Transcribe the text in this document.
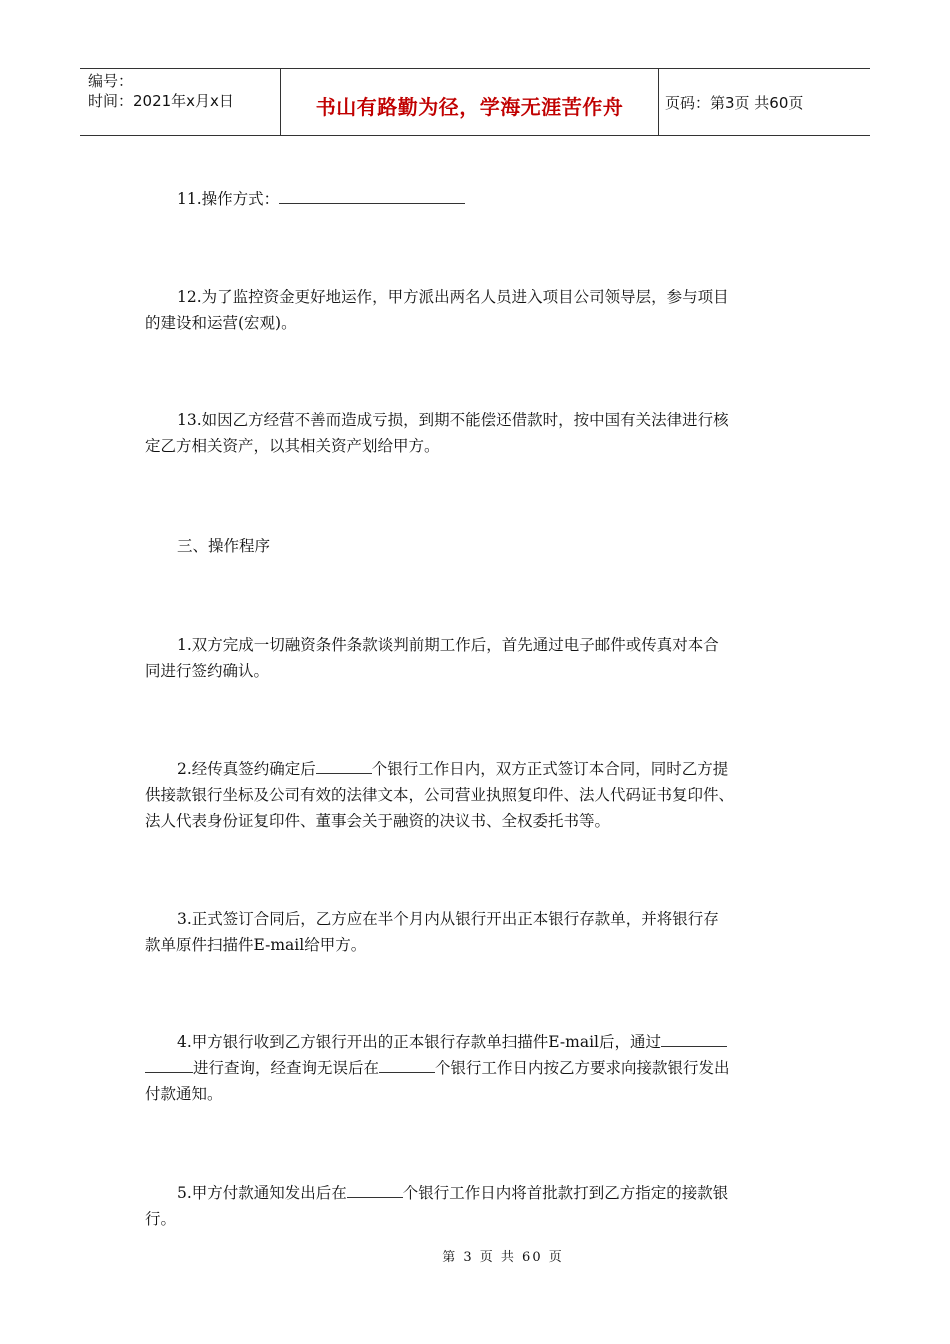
编号：
时间：2021年x月x日	书山有路勤为径，学海无涯苦作舟	页码：第3页 共60页
11.操作方式：
12.为了监控资金更好地运作，甲方派出两名人员进入项目公司领导层，参与项目
的建设和运营(宏观)。
13.如因乙方经营不善而造成亏损，到期不能偿还借款时，按中国有关法律进行核
定乙方相关资产，以其相关资产划给甲方。
三、操作程序
1.双方完成一切融资条件条款谈判前期工作后，首先通过电子邮件或传真对本合
同进行签约确认。
2.经传真签约确定后	个银行工作日内，双方正式签订本合同，同时乙方提
供接款银行坐标及公司有效的法律文本，公司营业执照复印件、法人代码证书复印件、
法人代表身份证复印件、董事会关于融资的决议书、全权委托书等。
3.正式签订合同后，乙方应在半个月内从银行开出正本银行存款单，并将银行存
款单原件扫描件E-mail给甲方。
4.甲方银行收到乙方银行开出的正本银行存款单扫描件E-mail后，通过
进行查询，经查询无误后在	个银行工作日内按乙方要求向接款银行发出
付款通知。
5.甲方付款通知发出后在	个银行工作日内将首批款打到乙方指定的接款银
行。
第 3 页 共 60 页
